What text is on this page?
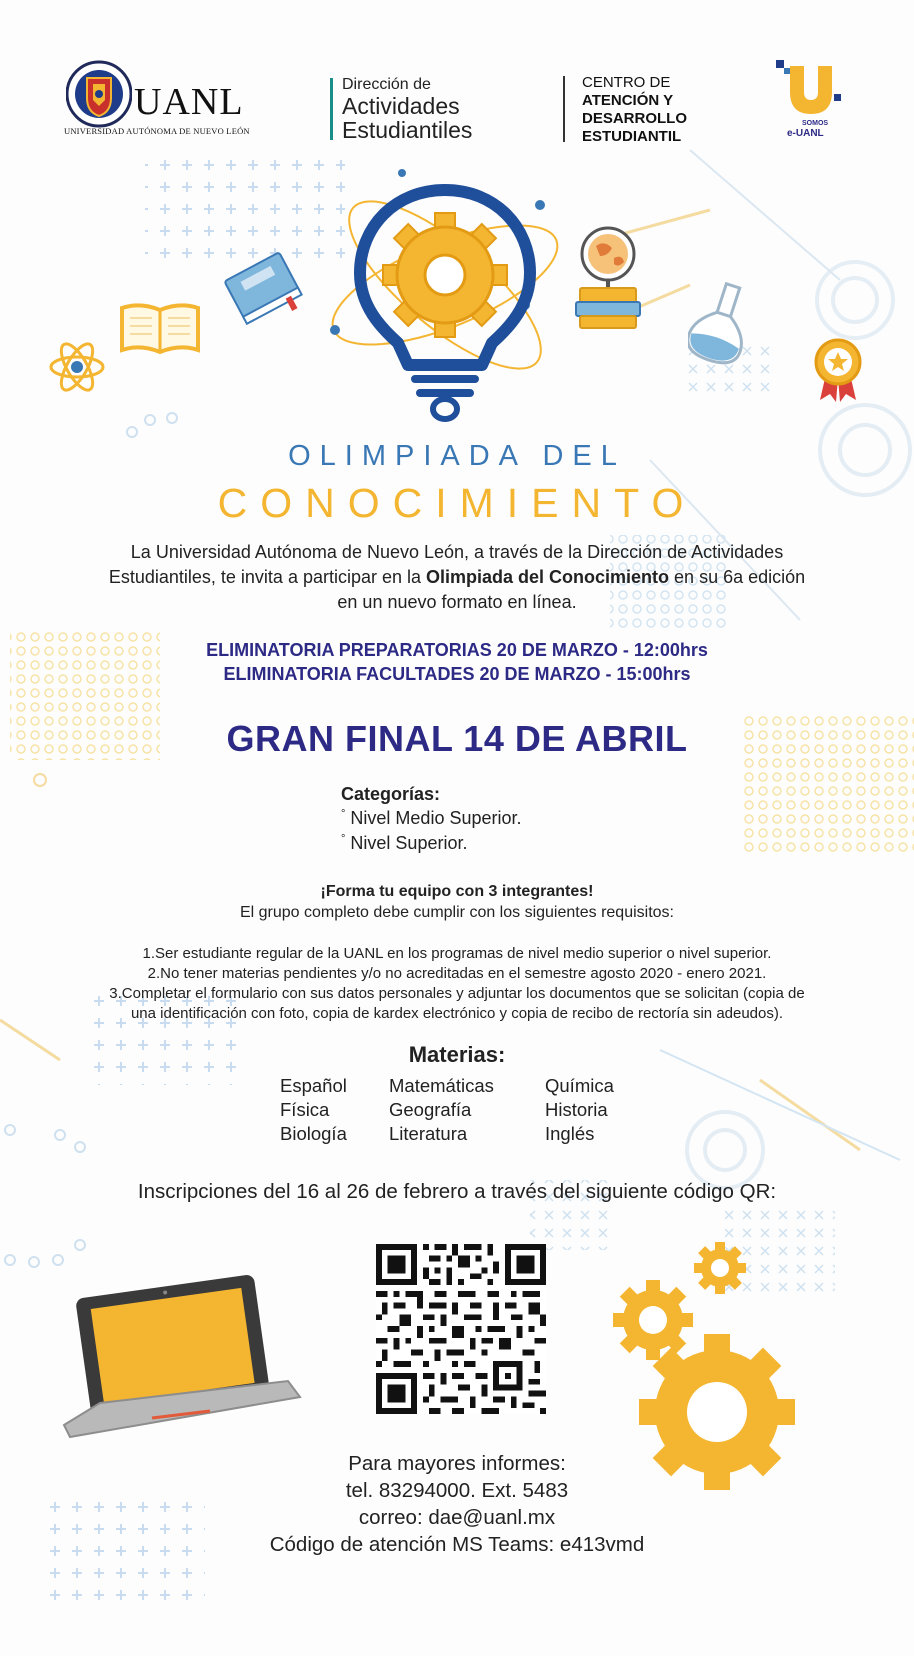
UANL
UNIVERSIDAD AUTÓNOMA DE NUEVO LEÓN
Dirección de
Actividades
Estudiantiles
CENTRO DE
ATENCIÓN Y
DESARROLLO
ESTUDIANTIL
SOMOS
e-UANL
OLIMPIADA DEL
CONOCIMIENTO
La Universidad Autónoma de Nuevo León, a través de la Dirección de Actividades
Estudiantiles, te invita a participar en la Olimpiada del Conocimiento en su 6a edición
en un nuevo formato en línea.
ELIMINATORIA PREPARATORIAS 20 DE MARZO - 12:00hrs
ELIMINATORIA FACULTADES 20 DE MARZO - 15:00hrs
GRAN FINAL 14 DE ABRIL
Categorías:
° Nivel Medio Superior.
° Nivel Superior.
¡Forma tu equipo con 3 integrantes!
El grupo completo debe cumplir con los siguientes requisitos:
1.Ser estudiante regular de la UANL en los programas de nivel medio superior o nivel superior.
2.No tener materias pendientes y/o no acreditadas en el semestre agosto 2020 - enero 2021.
3.Completar el formulario con sus datos personales y adjuntar los documentos que se solicitan (copia de
una identificación con foto, copia de kardex electrónico y copia de recibo de rectoría sin adeudos).
Materias:
Español
Física
Biología
Matemáticas
Geografía
Literatura
Química
Historia
Inglés
Inscripciones del 16 al 26 de febrero a través del siguiente código QR:
Para mayores informes:
tel. 83294000. Ext. 5483
correo: dae@uanl.mx
Código de atención MS Teams: e413vmd
